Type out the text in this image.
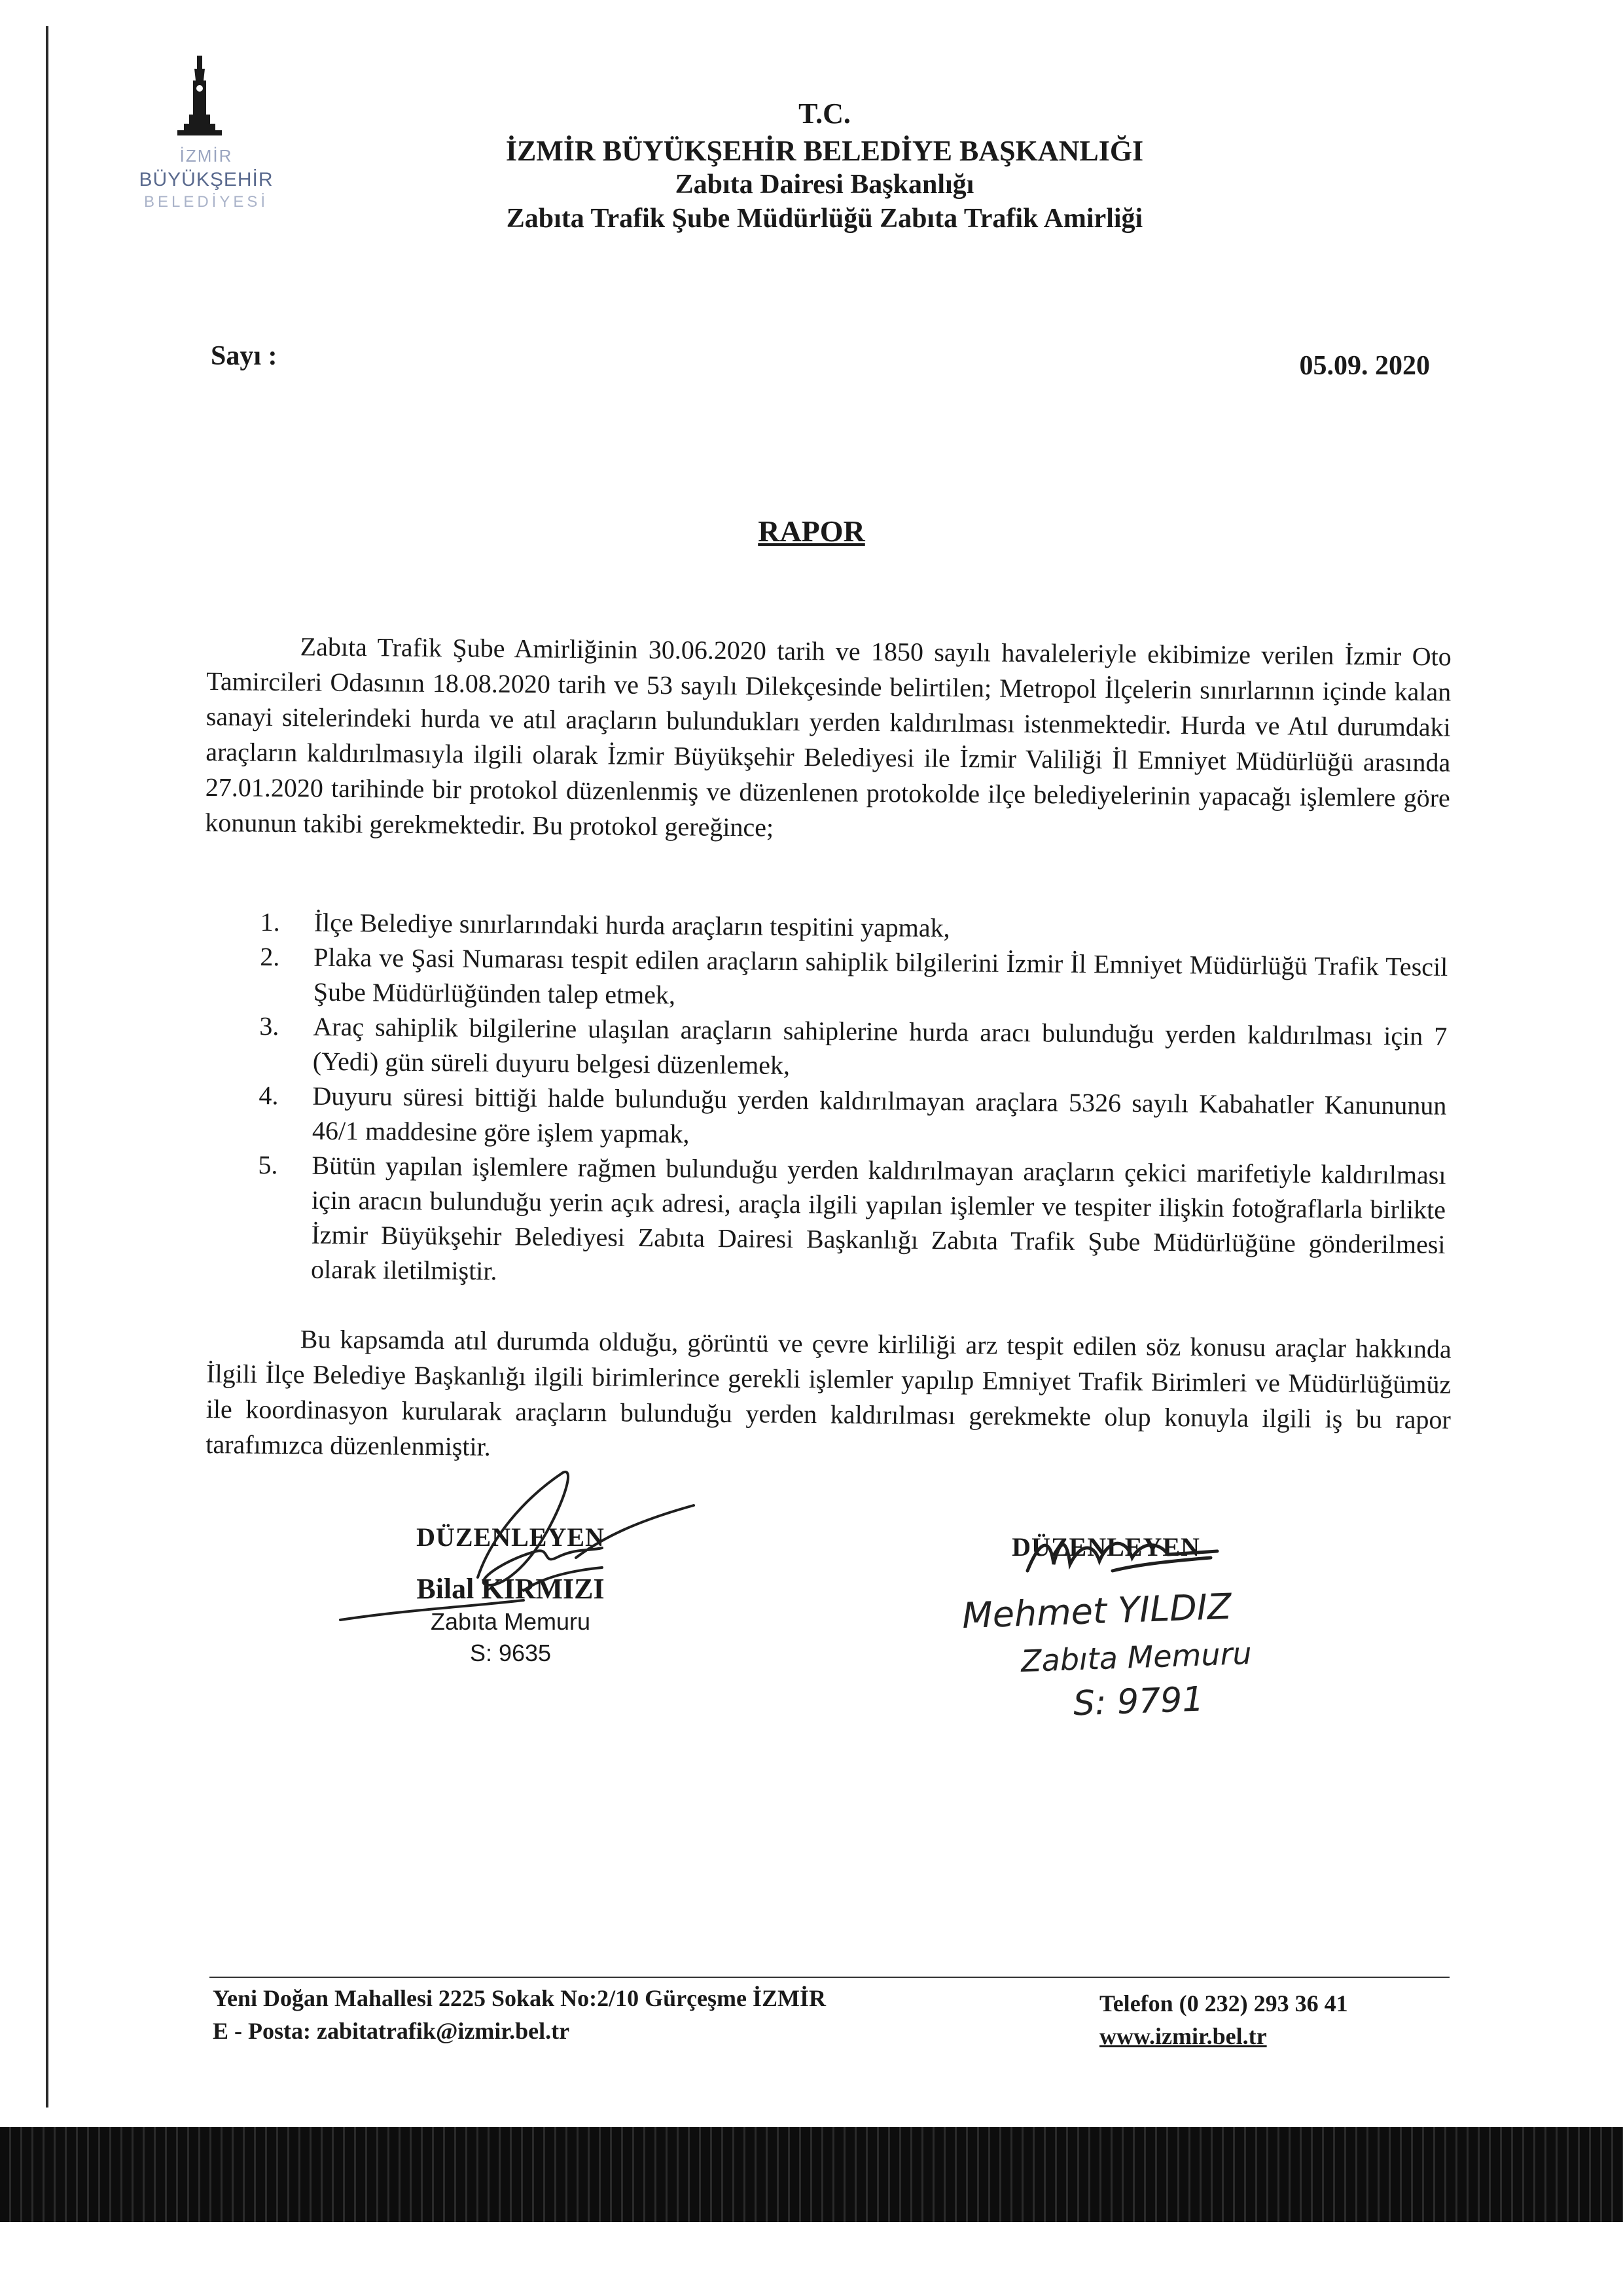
İZMİR
BÜYÜKŞEHİR
BELEDİYESİ
T.C.
İZMİR BÜYÜKŞEHİR BELEDİYE BAŞKANLIĞI
Zabıta Dairesi Başkanlığı
Zabıta Trafik Şube Müdürlüğü Zabıta Trafik Amirliği
Sayı :	05.09. 2020
RAPOR
Zabıta Trafik Şube Amirliğinin 30.06.2020 tarih ve 1850 sayılı havaleleriyle ekibimize verilen İzmir Oto Tamircileri Odasının 18.08.2020 tarih ve 53 sayılı Dilekçesinde belirtilen; Metropol İlçelerin sınırlarının içinde kalan sanayi sitelerindeki hurda ve atıl araçların bulundukları yerden kaldırılması istenmektedir. Hurda ve Atıl durumdaki araçların kaldırılmasıyla ilgili olarak İzmir Büyükşehir Belediyesi ile İzmir Valiliği İl Emniyet Müdürlüğü arasında 27.01.2020 tarihinde bir protokol düzenlenmiş ve düzenlenen protokolde ilçe belediyelerinin yapacağı işlemlere göre konunun takibi gerekmektedir. Bu protokol gereğince;
1. İlçe Belediye sınırlarındaki hurda araçların tespitini yapmak,
2. Plaka ve Şasi Numarası tespit edilen araçların sahiplik bilgilerini İzmir İl Emniyet Müdürlüğü Trafik Tescil Şube Müdürlüğünden talep etmek,
3. Araç sahiplik bilgilerine ulaşılan araçların sahiplerine hurda aracı bulunduğu yerden kaldırılması için 7 (Yedi) gün süreli duyuru belgesi düzenlemek,
4. Duyuru süresi bittiği halde bulunduğu yerden kaldırılmayan araçlara 5326 sayılı Kabahatler Kanununun 46/1 maddesine göre işlem yapmak,
5. Bütün yapılan işlemlere rağmen bulunduğu yerden kaldırılmayan araçların çekici marifetiyle kaldırılması için aracın bulunduğu yerin açık adresi, araçla ilgili yapılan işlemler ve tespiter ilişkin fotoğraflarla birlikte İzmir Büyükşehir Belediyesi Zabıta Dairesi Başkanlığı Zabıta Trafik Şube Müdürlüğüne gönderilmesi olarak iletilmiştir.
Bu kapsamda atıl durumda olduğu, görüntü ve çevre kirliliği arz tespit edilen söz konusu araçlar hakkında İlgili İlçe Belediye Başkanlığı ilgili birimlerince gerekli işlemler yapılıp Emniyet Trafik Birimleri ve Müdürlüğümüz ile koordinasyon kurularak araçların bulunduğu yerden kaldırılması gerekmekte olup konuyla ilgili iş bu rapor tarafımızca düzenlenmiştir.
DÜZENLEYEN
Bilal KIRMIZI
Zabıta Memuru
S: 9635
DÜZENLEYEN
Mehmet YILDIZ
Zabıta Memuru
S: 9791
Yeni Doğan Mahallesi 2225 Sokak No:2/10 Gürçeşme İZMİR
E - Posta: zabitatrafik@izmir.bel.tr
Telefon (0 232) 293 36 41
www.izmir.bel.tr
